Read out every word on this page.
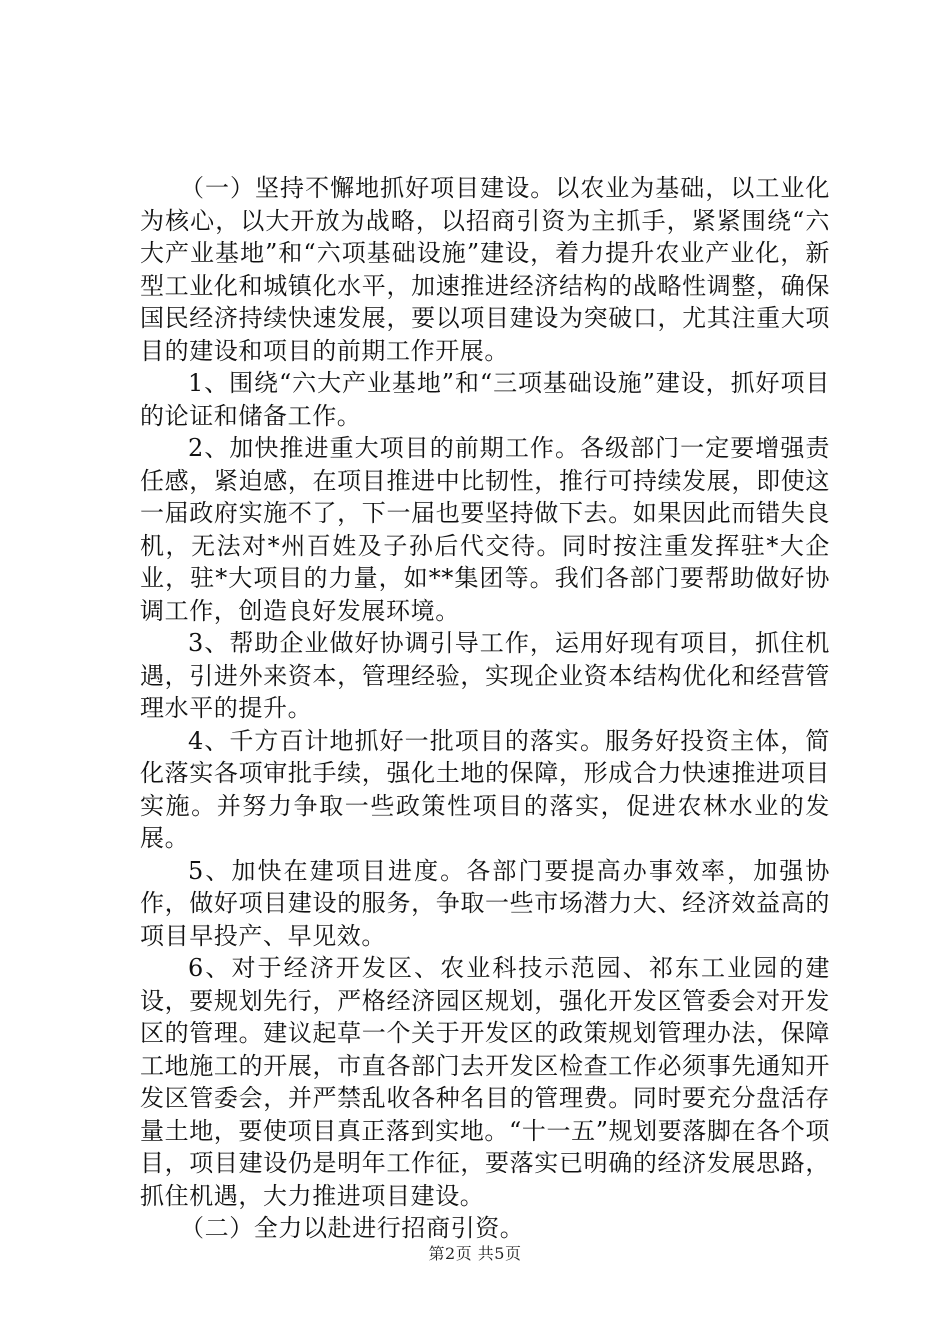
（一）坚持不懈地抓好项目建设。以农业为基础，以工业化为核心，以大开放为战略，以招商引资为主抓手，紧紧围绕“六大产业基地”和“六项基础设施”建设，着力提升农业产业化，新型工业化和城镇化水平，加速推进经济结构的战略性调整，确保国民经济持续快速发展，要以项目建设为突破口，尤其注重大项目的建设和项目的前期工作开展。

1、围绕“六大产业基地”和“三项基础设施”建设，抓好项目的论证和储备工作。

2、加快推进重大项目的前期工作。各级部门一定要增强责任感，紧迫感，在项目推进中比韧性，推行可持续发展，即使这一届政府实施不了，下一届也要坚持做下去。如果因此而错失良机，无法对*州百姓及子孙后代交待。同时按注重发挥驻*大企业，驻*大项目的力量，如**集团等。我们各部门要帮助做好协调工作，创造良好发展环境。

3、帮助企业做好协调引导工作，运用好现有项目，抓住机遇，引进外来资本，管理经验，实现企业资本结构优化和经营管理水平的提升。

4、千方百计地抓好一批项目的落实。服务好投资主体，简化落实各项审批手续，强化土地的保障，形成合力快速推进项目实施。并努力争取一些政策性项目的落实，促进农林水业的发展。

5、加快在建项目进度。各部门要提高办事效率，加强协作，做好项目建设的服务，争取一些市场潜力大、经济效益高的项目早投产、早见效。

6、对于经济开发区、农业科技示范园、祁东工业园的建设，要规划先行，严格经济园区规划，强化开发区管委会对开发区的管理。建议起草一个关于开发区的政策规划管理办法，保障工地施工的开展，市直各部门去开发区检查工作必须事先通知开发区管委会，并严禁乱收各种名目的管理费。同时要充分盘活存量土地，要使项目真正落到实地。“十一五”规划要落脚在各个项目，项目建设仍是明年工作征，要落实已明确的经济发展思路，抓住机遇，大力推进项目建设。

（二）全力以赴进行招商引资。

第2页 共5页
